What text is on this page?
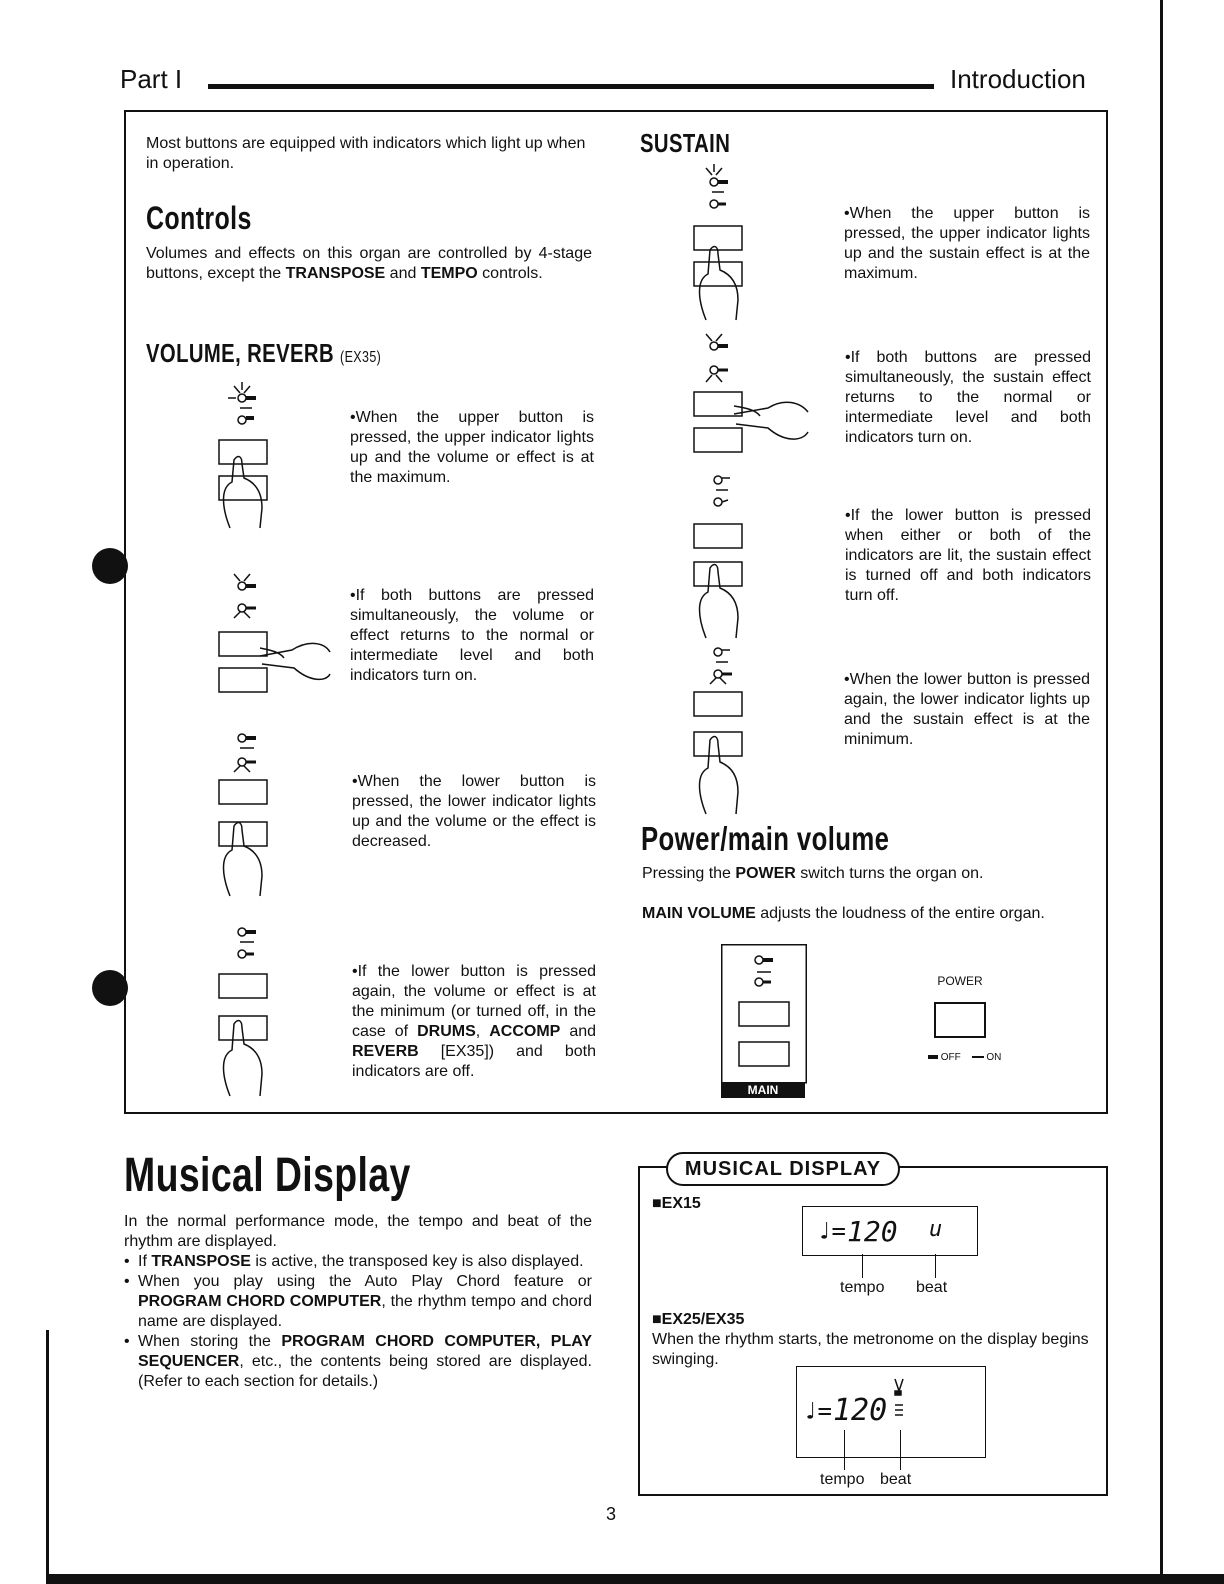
Part I	Introduction
Most buttons are equipped with indicators which light up when in operation.
Controls
Volumes and effects on this organ are controlled by 4-stage buttons, except the TRANSPOSE and TEMPO controls.
VOLUME, REVERB (EX35)
•When the upper button is pressed, the upper indicator lights up and the volume or effect is at the maximum.
•If both buttons are pressed simultaneously, the volume or effect returns to the normal or intermediate level and both indicators turn on.
•When the lower button is pressed, the lower indicator lights up and the volume or the effect is decreased.
•If the lower button is pressed again, the volume or effect is at the minimum (or turned off, in the case of DRUMS, ACCOMP and REVERB [EX35]) and both indicators are off.
SUSTAIN
•When the upper button is pressed, the upper indicator lights up and the sustain effect is at the maximum.
•If both buttons are pressed simultaneously, the sustain effect returns to the normal or intermediate level and both indicators turn on.
•If the lower button is pressed when either or both of the indicators are lit, the sustain effect is turned off and both indicators turn off.
•When the lower button is pressed again, the lower indicator lights up and the sustain effect is at the minimum.
Power/main volume
Pressing the POWER switch turns the organ on.
MAIN VOLUME adjusts the loudness of the entire organ.
MAIN VOLUME
POWER
OFF	ON
Musical Display
In the normal performance mode, the tempo and beat of the rhythm are displayed.
• If TRANSPOSE is active, the transposed key is also displayed.
• When you play using the Auto Play Chord feature or PROGRAM CHORD COMPUTER, the rhythm tempo and chord name are displayed.
• When storing the PROGRAM CHORD COMPUTER, PLAY SEQUENCER, etc., the contents being stored are displayed. (Refer to each section for details.)
MUSICAL DISPLAY
■EX15
♩= 120 u
tempo beat
■EX25/EX35
When the rhythm starts, the metronome on the display begins swinging.
♩= 120
tempo beat
3
